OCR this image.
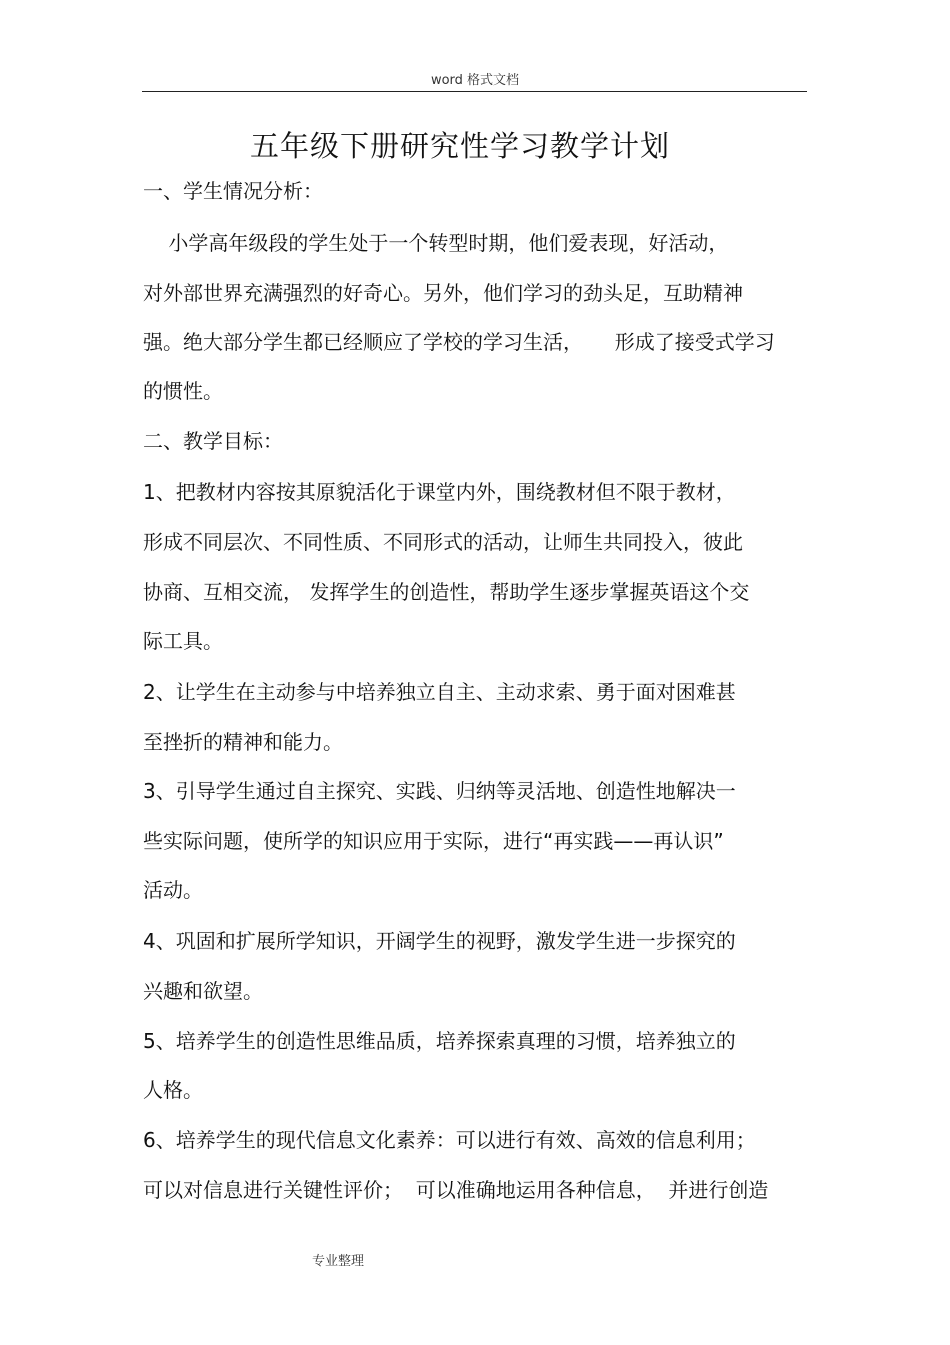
word 格式文档
五年级下册研究性学习教学计划
一、学生情况分析：
小学高年级段的学生处于一个转型时期，他们爱表现，好活动，
对外部世界充满强烈的好奇心。另外，他们学习的劲头足，互助精神
强。绝大部分学生都已经顺应了学校的学习生活，     形成了接受式学习
的惯性。
二、教学目标：
1、把教材内容按其原貌活化于课堂内外，围绕教材但不限于教材，
形成不同层次、不同性质、不同形式的活动，让师生共同投入，彼此
协商、互相交流， 发挥学生的创造性，帮助学生逐步掌握英语这个交
际工具。
2、让学生在主动参与中培养独立自主、主动求索、勇于面对困难甚
至挫折的精神和能力。
3、引导学生通过自主探究、实践、归纳等灵活地、创造性地解决一
些实际问题，使所学的知识应用于实际，进行“再实践——再认识”
活动。
4、巩固和扩展所学知识，开阔学生的视野，激发学生进一步探究的
兴趣和欲望。
5、培养学生的创造性思维品质，培养探索真理的习惯，培养独立的
人格。
6、培养学生的现代信息文化素养：可以进行有效、高效的信息利用；
可以对信息进行关键性评价；  可以准确地运用各种信息，  并进行创造
专业整理
